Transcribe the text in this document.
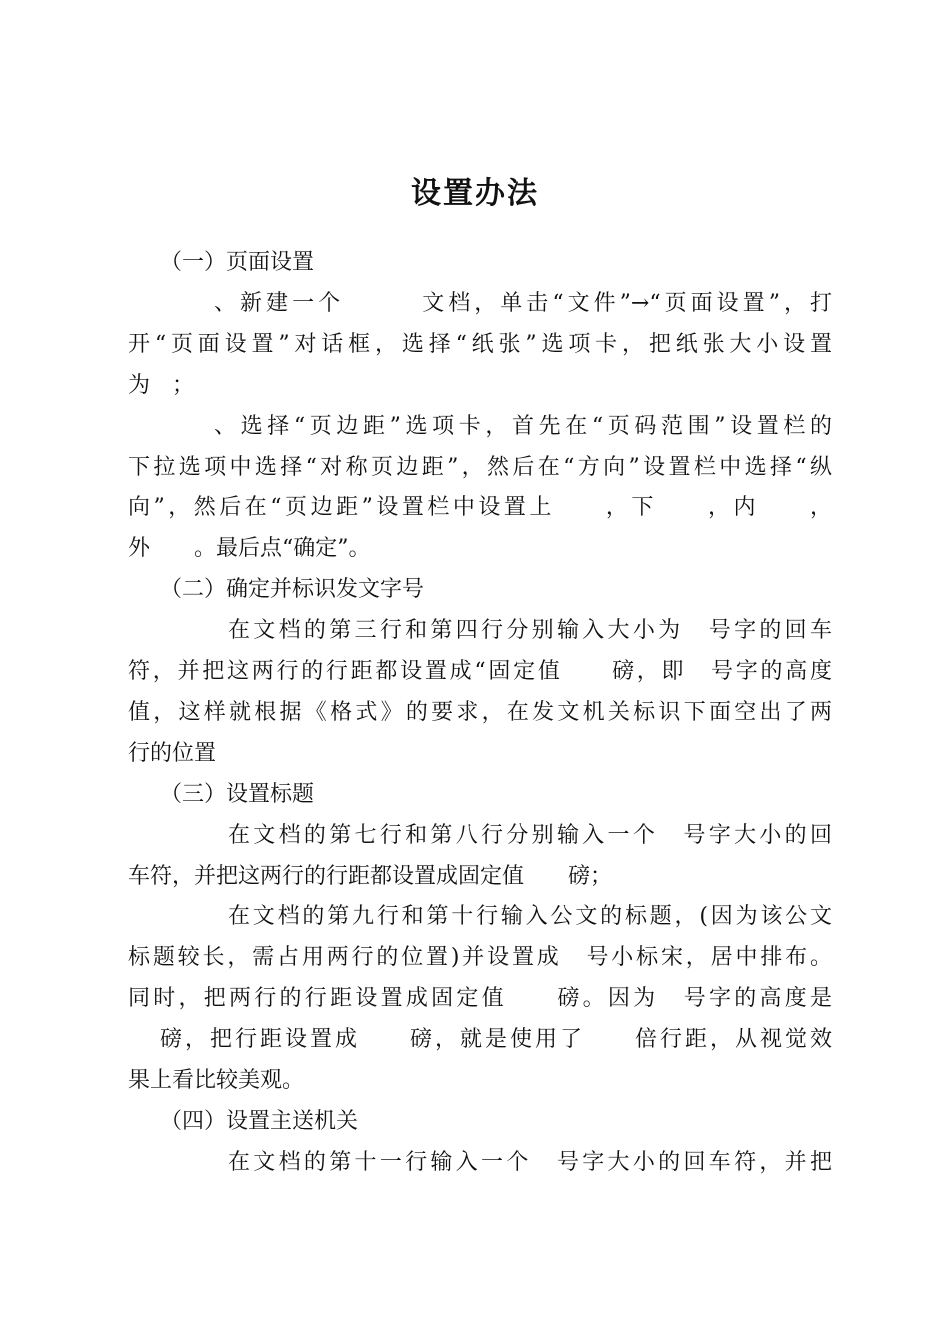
设置办法
（一）页面设置
、新建一个　　　文档，单击“文件”→“页面设置”，打
开“页面设置”对话框，选择“纸张”选项卡，把纸张大小设置
为　；
、选择“页边距”选项卡，首先在“页码范围”设置栏的
下拉选项中选择“对称页边距”，然后在“方向”设置栏中选择“纵
向”，然后在“页边距”设置栏中设置上　　，下　　，内　　，
外　　。最后点“确定”。
（二）确定并标识发文字号
在文档的第三行和第四行分别输入大小为　号字的回车
符，并把这两行的行距都设置成“固定值　　磅，即　号字的高度
值，这样就根据《格式》的要求，在发文机关标识下面空出了两
行的位置
（三）设置标题
在文档的第七行和第八行分别输入一个　号字大小的回
车符，并把这两行的行距都设置成固定值　　磅；
在文档的第九行和第十行输入公文的标题，(因为该公文
标题较长，需占用两行的位置)并设置成　号小标宋，居中排布。
同时，把两行的行距设置成固定值　　磅。因为　号字的高度是
磅，把行距设置成　　磅，就是使用了　　倍行距，从视觉效
果上看比较美观。
（四）设置主送机关
在文档的第十一行输入一个　号字大小的回车符，并把
